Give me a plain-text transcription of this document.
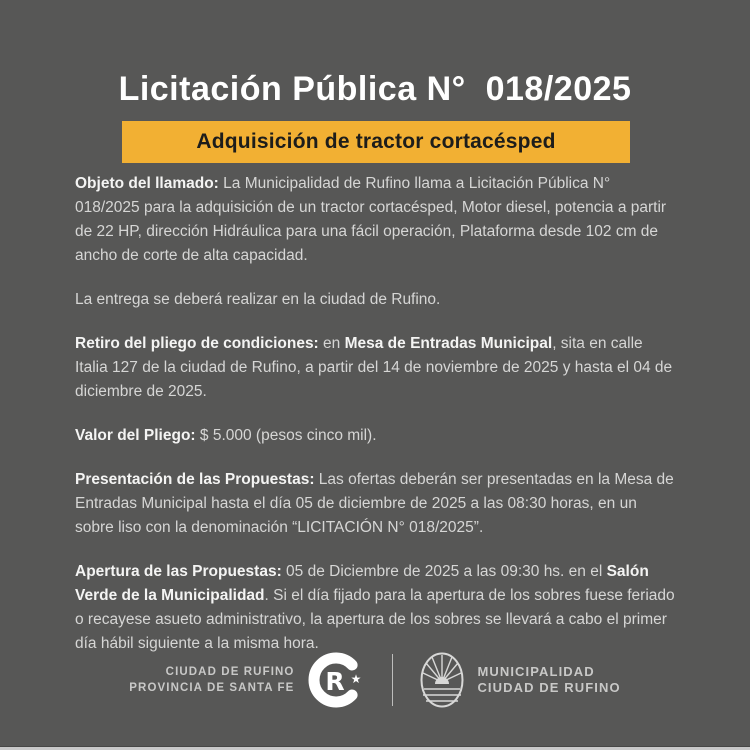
Licitación Pública N°  018/2025
Adquisición de tractor cortacésped

Objeto del llamado: La Municipalidad de Rufino llama a Licitación Pública N° 018/2025 para la adquisición de un tractor cortacésped, Motor diesel, potencia a partir de 22 HP, dirección Hidráulica para una fácil operación, Plataforma desde 102 cm de ancho de corte de alta capacidad.

La entrega se deberá realizar en la ciudad de Rufino.

Retiro del pliego de condiciones: en Mesa de Entradas Municipal, sita en calle Italia 127 de la ciudad de Rufino, a partir del 14 de noviembre de 2025 y hasta el 04 de diciembre de 2025.

Valor del Pliego: $ 5.000 (pesos cinco mil).

Presentación de las Propuestas: Las ofertas deberán ser presentadas en la Mesa de Entradas Municipal hasta el día 05 de diciembre de 2025 a las 08:30 horas, en un sobre liso con la denominación “LICITACIÓN N° 018/2025”.

Apertura de las Propuestas: 05 de Diciembre de 2025 a las 09:30 hs. en el Salón Verde de la Municipalidad. Si el día fijado para la apertura de los sobres fuese feriado o recayese asueto administrativo, la apertura de los sobres se llevará a cabo el primer día hábil siguiente a la misma hora.

CIUDAD DE RUFINO
PROVINCIA DE SANTA FE R ★	MUNICIPALIDAD
CIUDAD DE RUFINO
